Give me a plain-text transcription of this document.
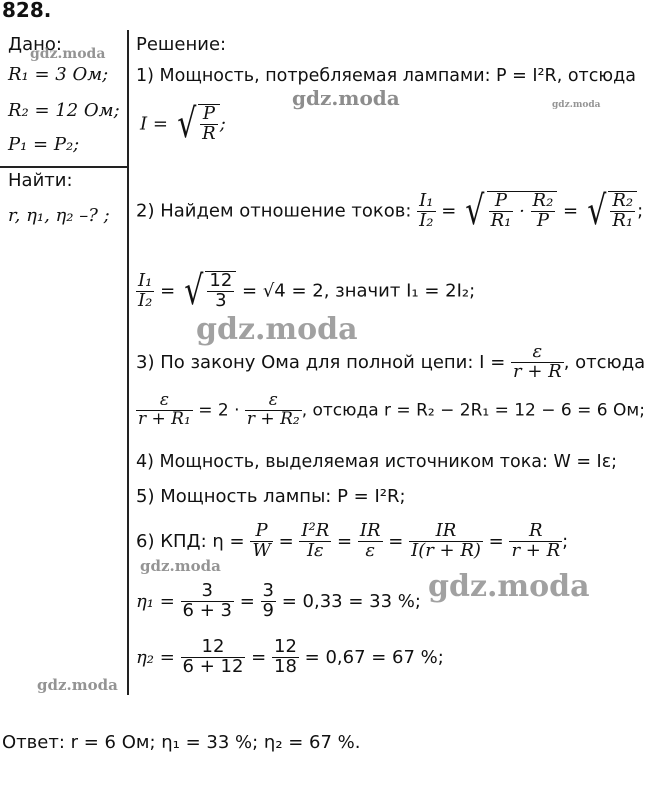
828.
Дано:
R₁ = 3 Ом;
R₂ = 12 Ом;
P₁ = P₂;
Найти:
r, η₁, η₂ –? ;
Решение:
1) Мощность, потребляемая лампами: P = I²R, отсюда
I = √ $\frac{P}{R}$ ;
2) Найдем отношение токов: $\frac{\text{I₁}}{\text{I₂}}$ = √ $\frac{P}{\text{R₁}} \cdot \frac{\text{R₂}}{P}$ = √ $\frac{\text{R₂}}{\text{R₁}}$ ;
$\frac{\text{I₁}}{\text{I₂}}$ = √ $\frac{12}{3} = √4 = 2$, значит I₁ = 2I₂;
3) По закону Ома для полной цепи: $I = \frac{\varepsilon}{r + R}$ , отсюда
$\frac{\varepsilon}{\text{r + R₁}} = 2 \cdot \frac{\varepsilon}{\text{r + R₂}}$ , отсюда r = R₂ − 2R₁ = 12 − 6 = 6 Ом;
4) Мощность, выделяемая источником тока: W = Iε;
5) Мощность лампы: P = I²R;
6) КПД: $\eta = \frac{P}{W} = \frac{\text{I²R}}{I\varepsilon} = \frac{IR}{\varepsilon} = \frac{IR}{I(r + R)} = \frac{R}{r + R}$ ;
$\eta_1 = \frac{3}{6 + 3} = \frac{3}{9} = 0,33 = 33$ %;
$\eta_2 = \frac{12}{6 + 12} = \frac{12}{18} = 0,67 = 67$ %;
Ответ: r = 6 Ом; η₁ = 33 %; η₂ = 67 %.
gdz.moda
gdz.moda	gdz.moda
gdz.moda
gdz.moda
gdz.moda
gdz.moda
